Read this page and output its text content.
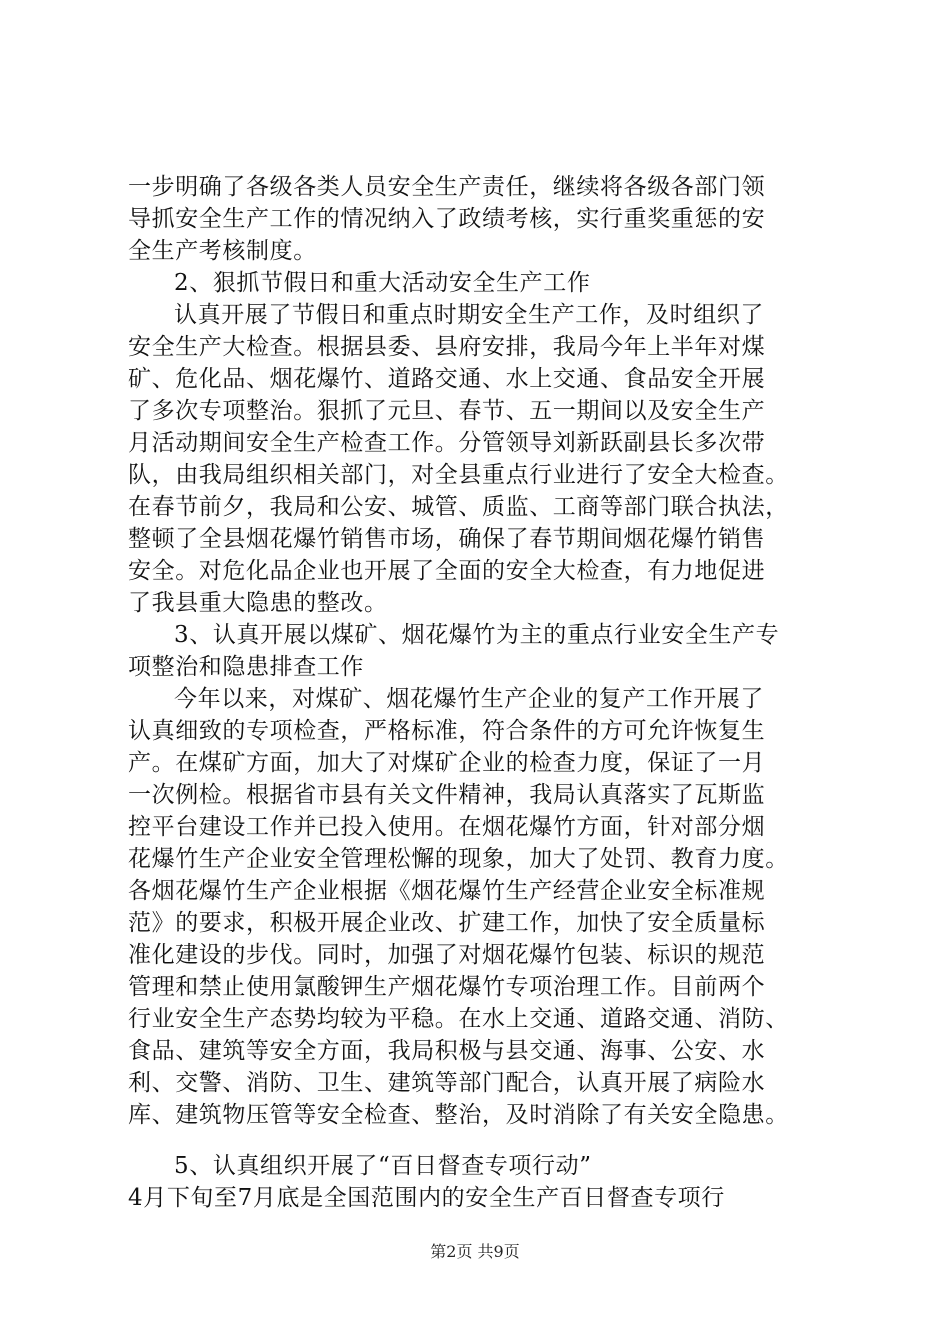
一步明确了各级各类人员安全生产责任，继续将各级各部门领
导抓安全生产工作的情况纳入了政绩考核，实行重奖重惩的安
全生产考核制度。
2、狠抓节假日和重大活动安全生产工作
认真开展了节假日和重点时期安全生产工作，及时组织了
安全生产大检查。根据县委、县府安排，我局今年上半年对煤
矿、危化品、烟花爆竹、道路交通、水上交通、食品安全开展
了多次专项整治。狠抓了元旦、春节、五一期间以及安全生产
月活动期间安全生产检查工作。分管领导刘新跃副县长多次带
队，由我局组织相关部门，对全县重点行业进行了安全大检查。
在春节前夕，我局和公安、城管、质监、工商等部门联合执法，
整顿了全县烟花爆竹销售市场，确保了春节期间烟花爆竹销售
安全。对危化品企业也开展了全面的安全大检查，有力地促进
了我县重大隐患的整改。
3、认真开展以煤矿、烟花爆竹为主的重点行业安全生产专
项整治和隐患排查工作
今年以来，对煤矿、烟花爆竹生产企业的复产工作开展了
认真细致的专项检查，严格标准，符合条件的方可允许恢复生
产。在煤矿方面，加大了对煤矿企业的检查力度，保证了一月
一次例检。根据省市县有关文件精神，我局认真落实了瓦斯监
控平台建设工作并已投入使用。在烟花爆竹方面，针对部分烟
花爆竹生产企业安全管理松懈的现象，加大了处罚、教育力度。
各烟花爆竹生产企业根据《烟花爆竹生产经营企业安全标准规
范》的要求，积极开展企业改、扩建工作，加快了安全质量标
准化建设的步伐。同时，加强了对烟花爆竹包装、标识的规范
管理和禁止使用氯酸钾生产烟花爆竹专项治理工作。目前两个
行业安全生产态势均较为平稳。在水上交通、道路交通、消防、
食品、建筑等安全方面，我局积极与县交通、海事、公安、水
利、交警、消防、卫生、建筑等部门配合，认真开展了病险水
库、建筑物压管等安全检查、整治，及时消除了有关安全隐患。
5、认真组织开展了“百日督查专项行动”
4月下旬至7月底是全国范围内的安全生产百日督查专项行
第2页 共9页
